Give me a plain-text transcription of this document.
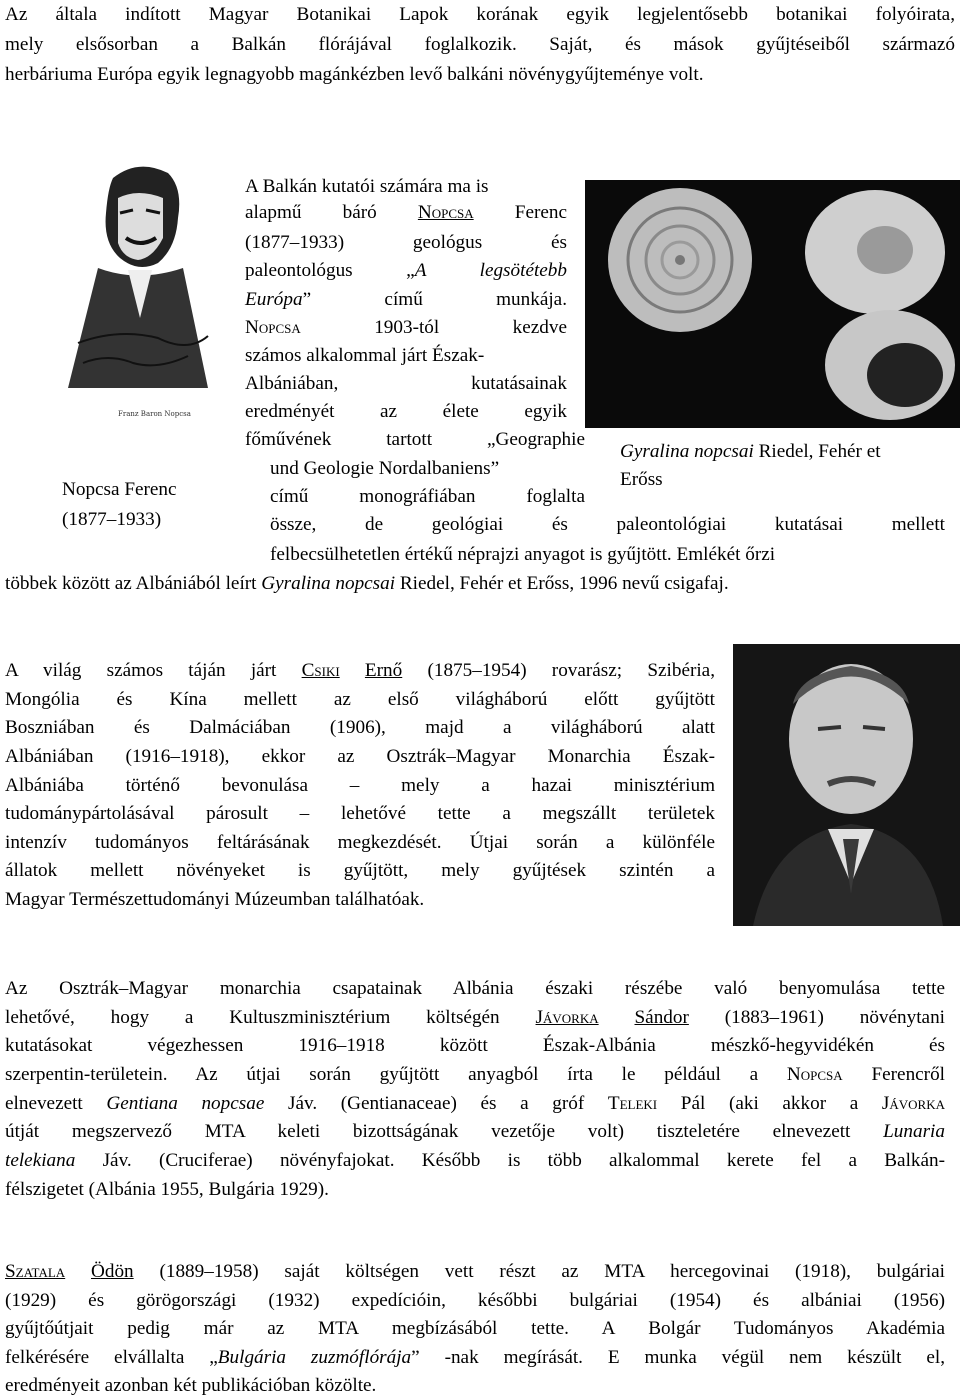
Az általa indított Magyar Botanikai Lapok korának egyik legjelentősebb botanikai folyóirata,
mely elsősorban a Balkán flórájával foglalkozik. Saját, és mások gyűjtéseiből származó
herbáriuma Európa egyik legnagyobb magánkézben levő balkáni növénygyűjteménye volt.
Franz Baron Nopcsa
Nopcsa Ferenc
(1877–1933)
A Balkán kutatói számára ma is
alapmű báró Nopcsa Ferenc
(1877–1933) geológus és
paleontológus „A legsötétebb
Európa” című munkája.
Nopcsa 1903-tól kezdve
számos alkalommal járt Észak-
Albániában, kutatásainak
eredményét az élete egyik
főművének tartott „Geographie
und Geologie Nordalbaniens”
című monográfiában foglalta
össze, de geológiai és paleontológiai kutatásai mellett
felbecsülhetetlen értékű néprajzi anyagot is gyűjtött. Emlékét őrzi
többek között az Albániából leírt Gyralina nopcsai Riedel, Fehér et Erőss, 1996 nevű csigafaj.
Gyralina nopcsai Riedel, Fehér et
Erőss
A világ számos táján járt Csiki Ernő (1875–1954) rovarász; Szibéria,
Mongólia és Kína mellett az első világháború előtt gyűjtött
Boszniában és Dalmáciában (1906), majd a világháború alatt
Albániában (1916–1918), ekkor az Osztrák–Magyar Monarchia Észak-
Albániába történő bevonulása – mely a hazai minisztérium
tudománypártolásával párosult – lehetővé tette a megszállt területek
intenzív tudományos feltárásának megkezdését. Útjai során a különféle
állatok mellett növényeket is gyűjtött, mely gyűjtések szintén a
Magyar Természettudományi Múzeumban találhatóak.
Az Osztrák–Magyar monarchia csapatainak Albánia északi részébe való benyomulása tette
lehetővé, hogy a Kultuszminisztérium költségén Jávorka Sándor (1883–1961) növénytani
kutatásokat végezhessen 1916–1918 között Észak-Albánia mészkő-hegyvidékén és
szerpentin-területein. Az útjai során gyűjtött anyagból írta le például a Nopcsa Ferencről
elnevezett Gentiana nopcsae Jáv. (Gentianaceae) és a gróf Teleki Pál (aki akkor a Jávorka
útját megszervező MTA keleti bizottságának vezetője volt) tiszteletére elnevezett Lunaria
telekiana Jáv. (Cruciferae) növényfajokat. Később is több alkalommal kerete fel a Balkán-
félszigetet (Albánia 1955, Bulgária 1929).
Szatala Ödön (1889–1958) saját költségen vett részt az MTA hercegovinai (1918), bulgáriai
(1929) és görögországi (1932) expedícióin, későbbi bulgáriai (1954) és albániai (1956)
gyűjtőútjait pedig már az MTA megbízásából tette. A Bolgár Tudományos Akadémia
felkérésére elvállalta „Bulgária zuzmóflórája” -nak megírását. E munka végül nem készült el,
eredményeit azonban két publikációban közölte.
